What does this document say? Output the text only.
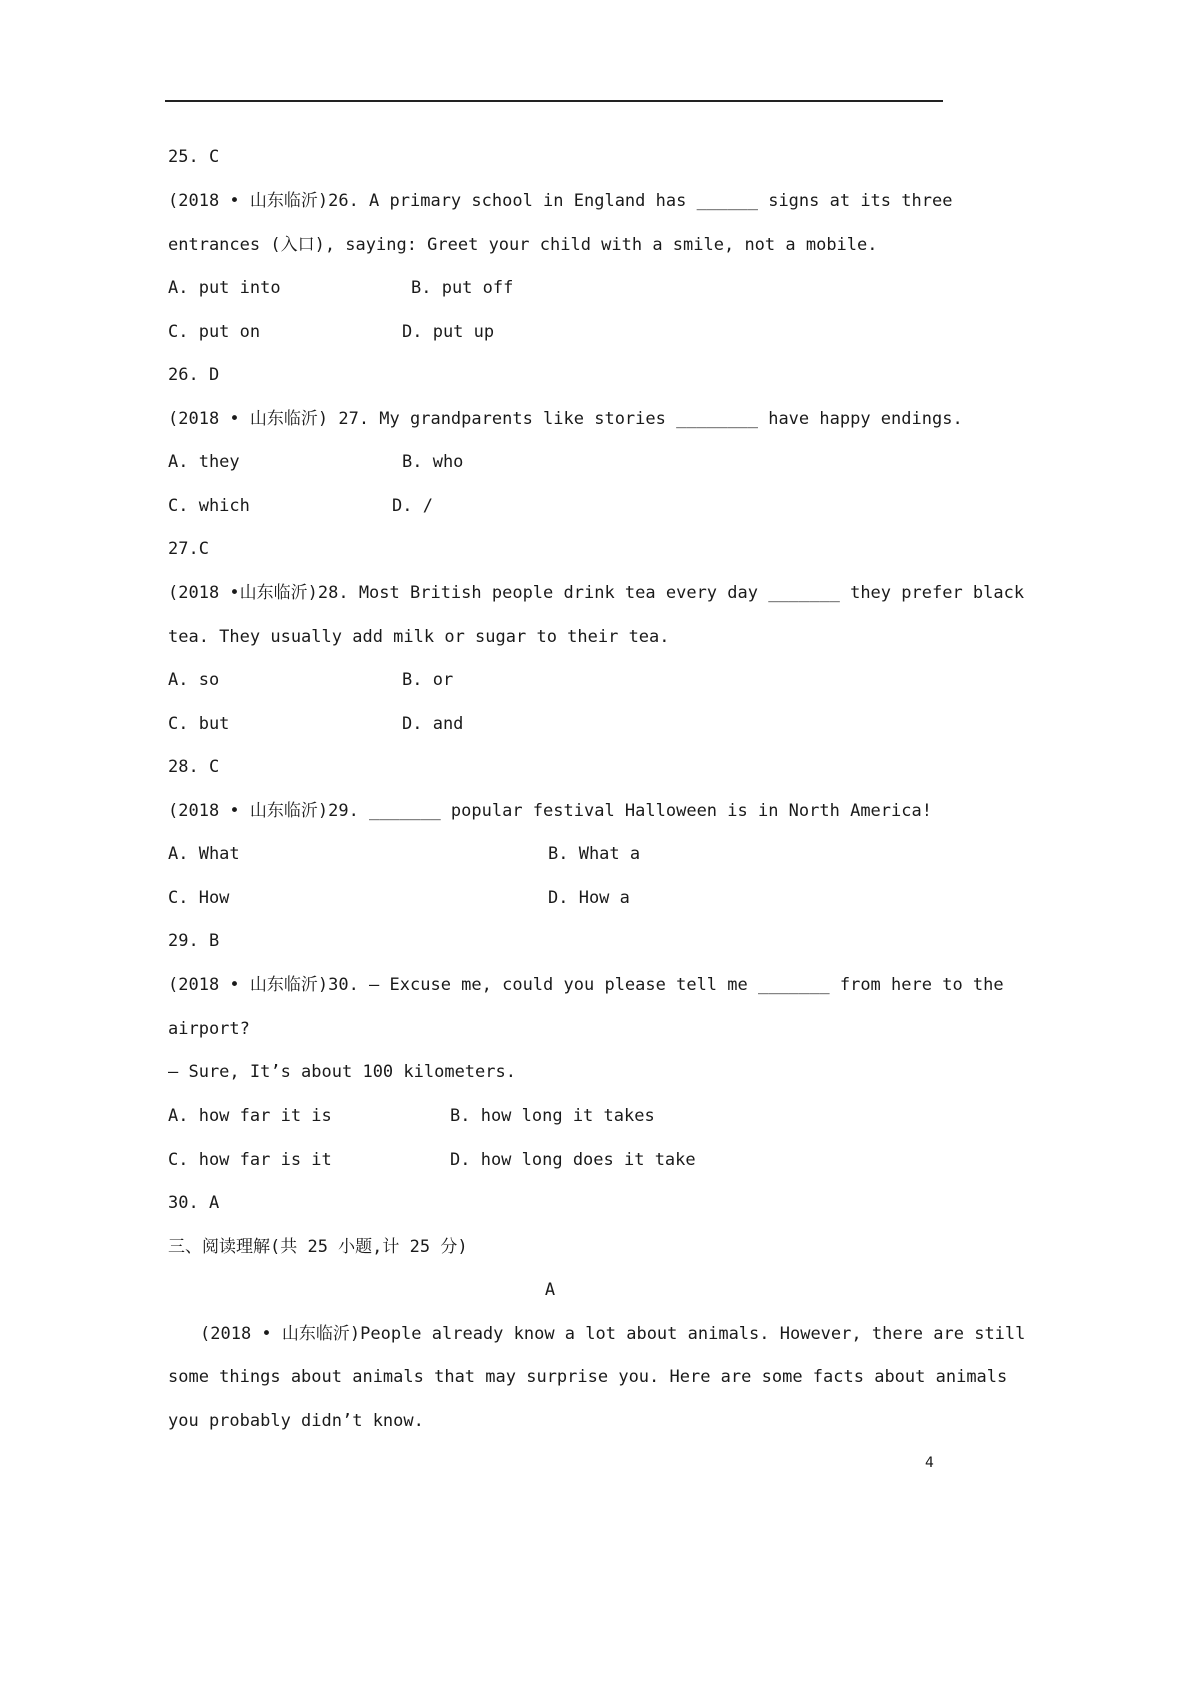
25. C
(2018 • 山东临沂)26. A primary school in England has ______ signs at its three
entrances (入口), saying: Greet your child with a smile, not a mobile.
A. put into	B. put off
C. put on	D. put up
26. D
(2018 • 山东临沂) 27. My grandparents like stories ________ have happy endings.
A. they	B. who
C. which	D. /
27.C
(2018 •山东临沂)28. Most British people drink tea every day _______ they prefer black
tea. They usually add milk or sugar to their tea.
A. so	B. or
C. but	D. and
28. C
(2018 • 山东临沂)29. _______ popular festival Halloween is in North America!
A. What	B. What a
C. How	D. How a
29. B
(2018 • 山东临沂)30. — Excuse me, could you please tell me _______ from here to the
airport?
— Sure, It’s about 100 kilometers.
A. how far it is	B. how long it takes
C. how far is it	D. how long does it take
30. A
三、阅读理解(共 25 小题,计 25 分)
A
(2018 • 山东临沂)People already know a lot about animals. However, there are still
some things about animals that may surprise you. Here are some facts about animals
you probably didn’t know.
4
